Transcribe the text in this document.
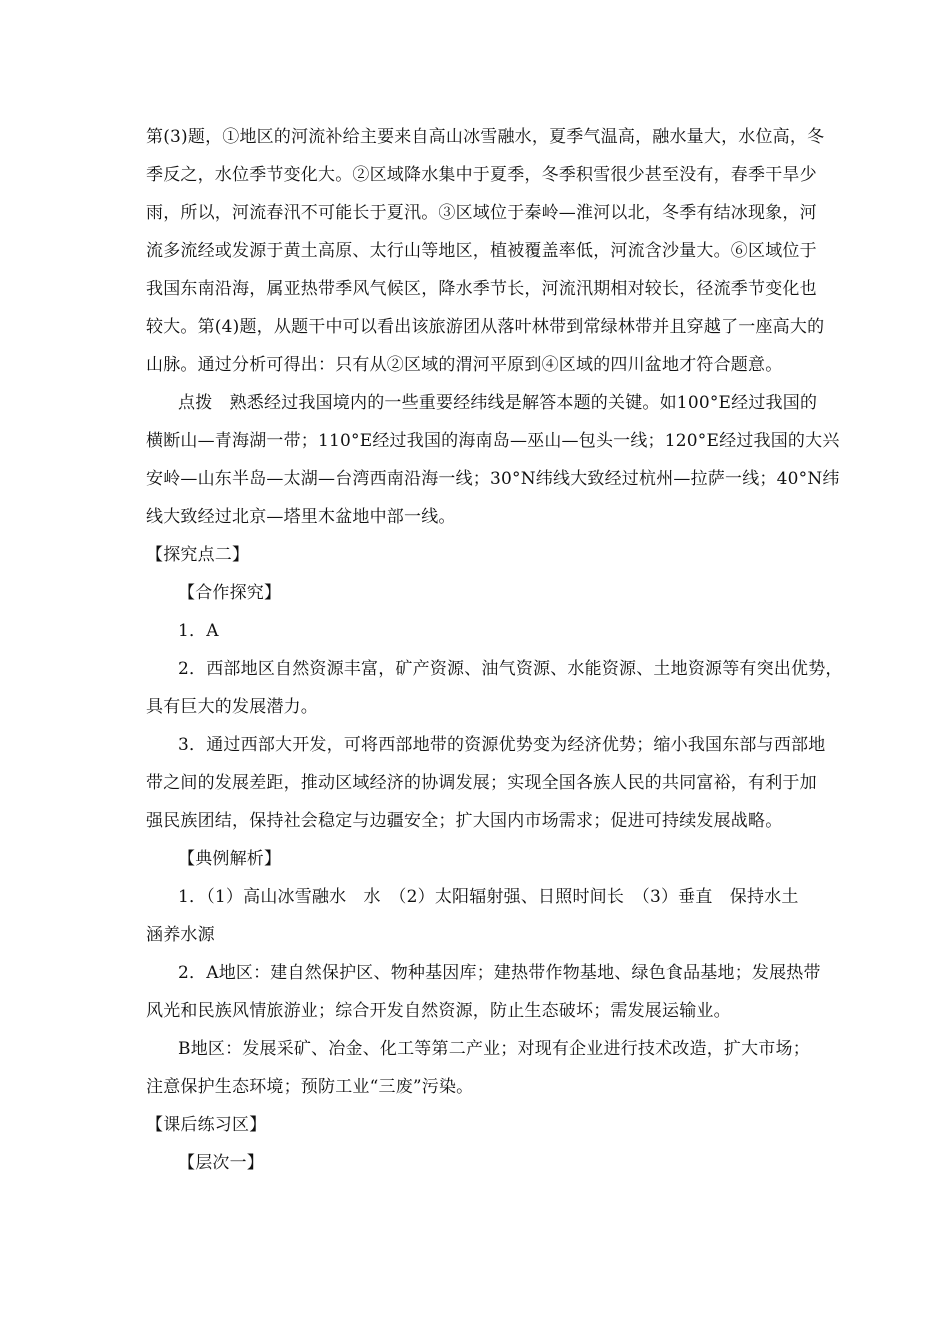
第(3)题，①地区的河流补给主要来自高山冰雪融水，夏季气温高，融水量大，水位高，冬
季反之，水位季节变化大。②区域降水集中于夏季，冬季积雪很少甚至没有，春季干旱少
雨，所以，河流春汛不可能长于夏汛。③区域位于秦岭—淮河以北，冬季有结冰现象，河
流多流经或发源于黄土高原、太行山等地区，植被覆盖率低，河流含沙量大。⑥区域位于
我国东南沿海，属亚热带季风气候区，降水季节长，河流汛期相对较长，径流季节变化也
较大。第(4)题，从题干中可以看出该旅游团从落叶林带到常绿林带并且穿越了一座高大的
山脉。通过分析可得出：只有从②区域的渭河平原到④区域的四川盆地才符合题意。
点拨　熟悉经过我国境内的一些重要经纬线是解答本题的关键。如100°E经过我国的
横断山—青海湖一带；110°E经过我国的海南岛—巫山—包头一线；120°E经过我国的大兴
安岭—山东半岛—太湖—台湾西南沿海一线；30°N纬线大致经过杭州—拉萨一线；40°N纬
线大致经过北京—塔里木盆地中部一线。
【探究点二】
【合作探究】
1．A
2．西部地区自然资源丰富，矿产资源、油气资源、水能资源、土地资源等有突出优势，
具有巨大的发展潜力。
3．通过西部大开发，可将西部地带的资源优势变为经济优势；缩小我国东部与西部地
带之间的发展差距，推动区域经济的协调发展；实现全国各族人民的共同富裕，有利于加
强民族团结，保持社会稳定与边疆安全；扩大国内市场需求；促进可持续发展战略。
【典例解析】
1．（1）高山冰雪融水　水　（2）太阳辐射强、日照时间长　（3）垂直　保持水土
涵养水源
2．A地区：建自然保护区、物种基因库；建热带作物基地、绿色食品基地；发展热带
风光和民族风情旅游业；综合开发自然资源，防止生态破坏；需发展运输业。
B地区：发展采矿、冶金、化工等第二产业；对现有企业进行技术改造，扩大市场；
注意保护生态环境；预防工业“三废”污染。
【课后练习区】
【层次一】
